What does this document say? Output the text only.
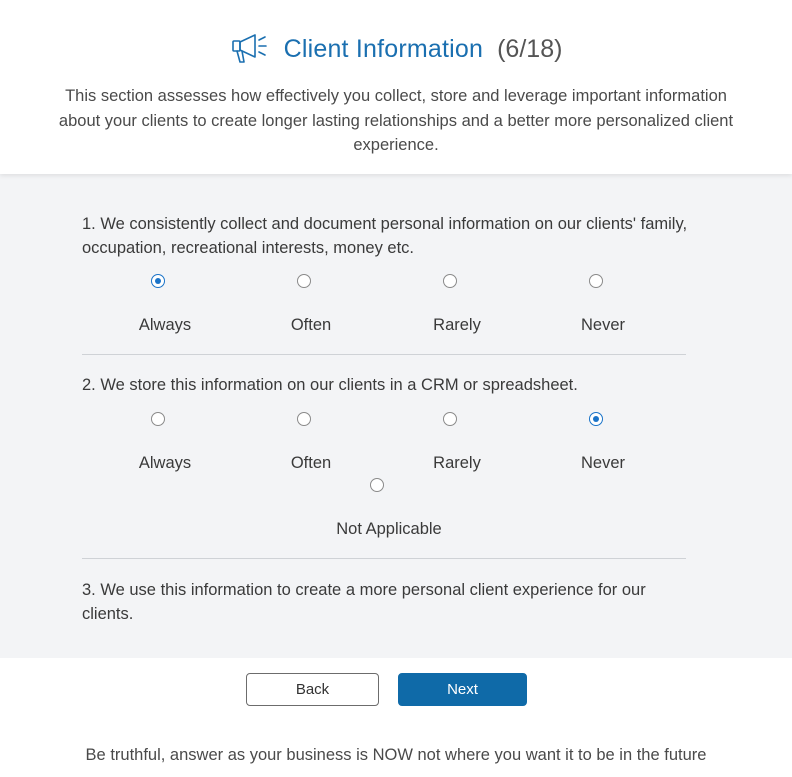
Client Information (6/18)
This section assesses how effectively you collect, store and leverage important information about your clients to create longer lasting relationships and a better more personalized client experience.
1. We consistently collect and document personal information on our clients' family, occupation, recreational interests, money etc.
Always	Often	Rarely	Never
2. We store this information on our clients in a CRM or spreadsheet.
Always	Often	Rarely	Never
Not Applicable
3. We use this information to create a more personal client experience for our clients.
Back	Next
Be truthful, answer as your business is NOW not where you want it to be in the future
